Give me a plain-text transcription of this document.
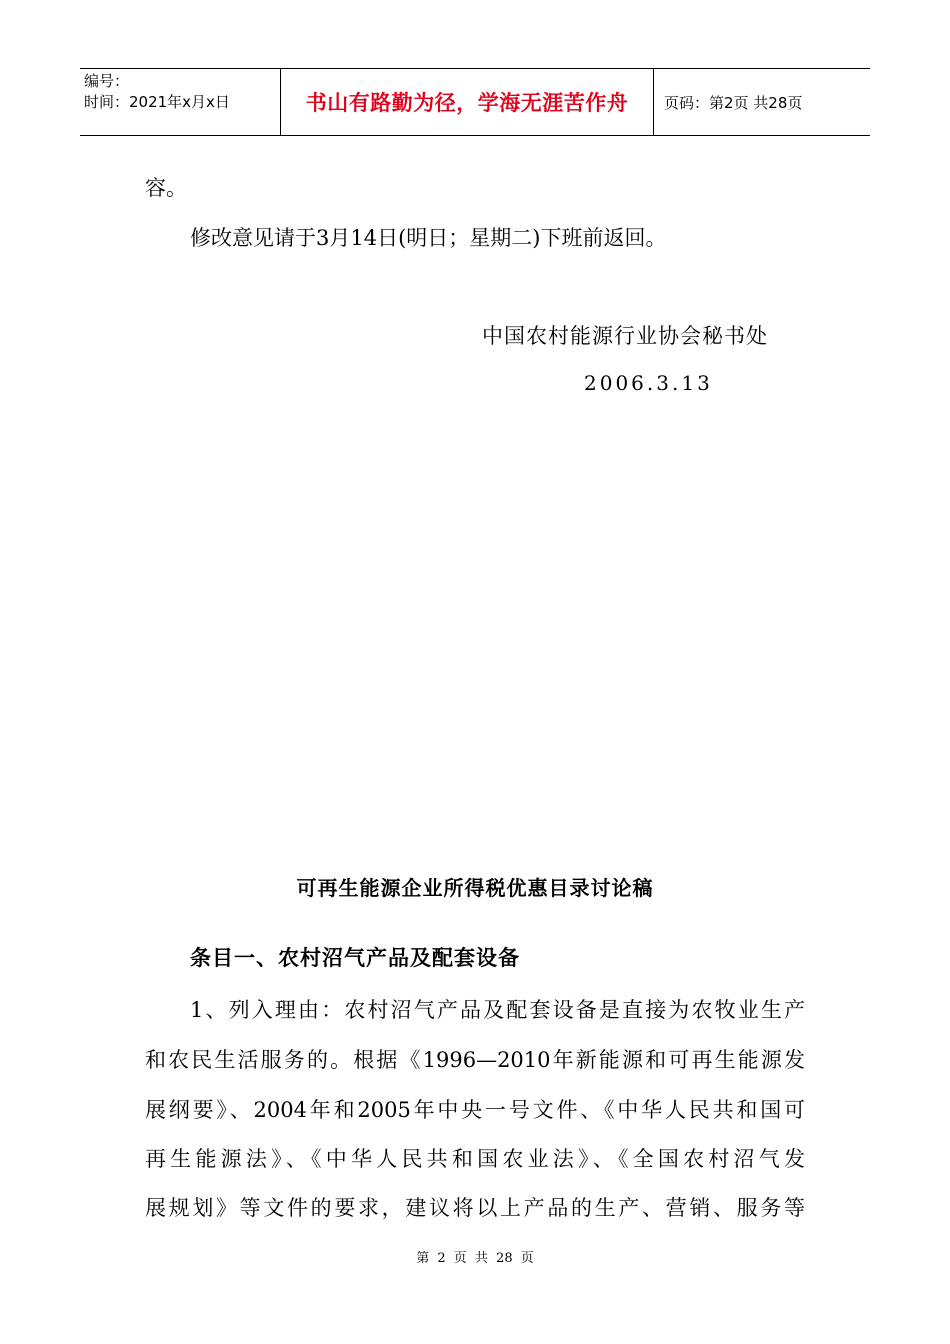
编号：
时间：2021年x月x日	书山有路勤为径，学海无涯苦作舟	页码：第2页 共28页
容。
修改意见请于3月14日(明日；星期二)下班前返回。
中国农村能源行业协会秘书处
2006.3.13
可再生能源企业所得税优惠目录讨论稿
条目一、农村沼气产品及配套设备
1、列入理由：农村沼气产品及配套设备是直接为农牧业生产
和农民生活服务的。根据《1996—2010年新能源和可再生能源发
展纲要》、2004年和2005年中央一号文件、《中华人民共和国可
再生能源法》、《中华人民共和国农业法》、《全国农村沼气发
展规划》等文件的要求，建议将以上产品的生产、营销、服务等
第 2 页 共 28 页
